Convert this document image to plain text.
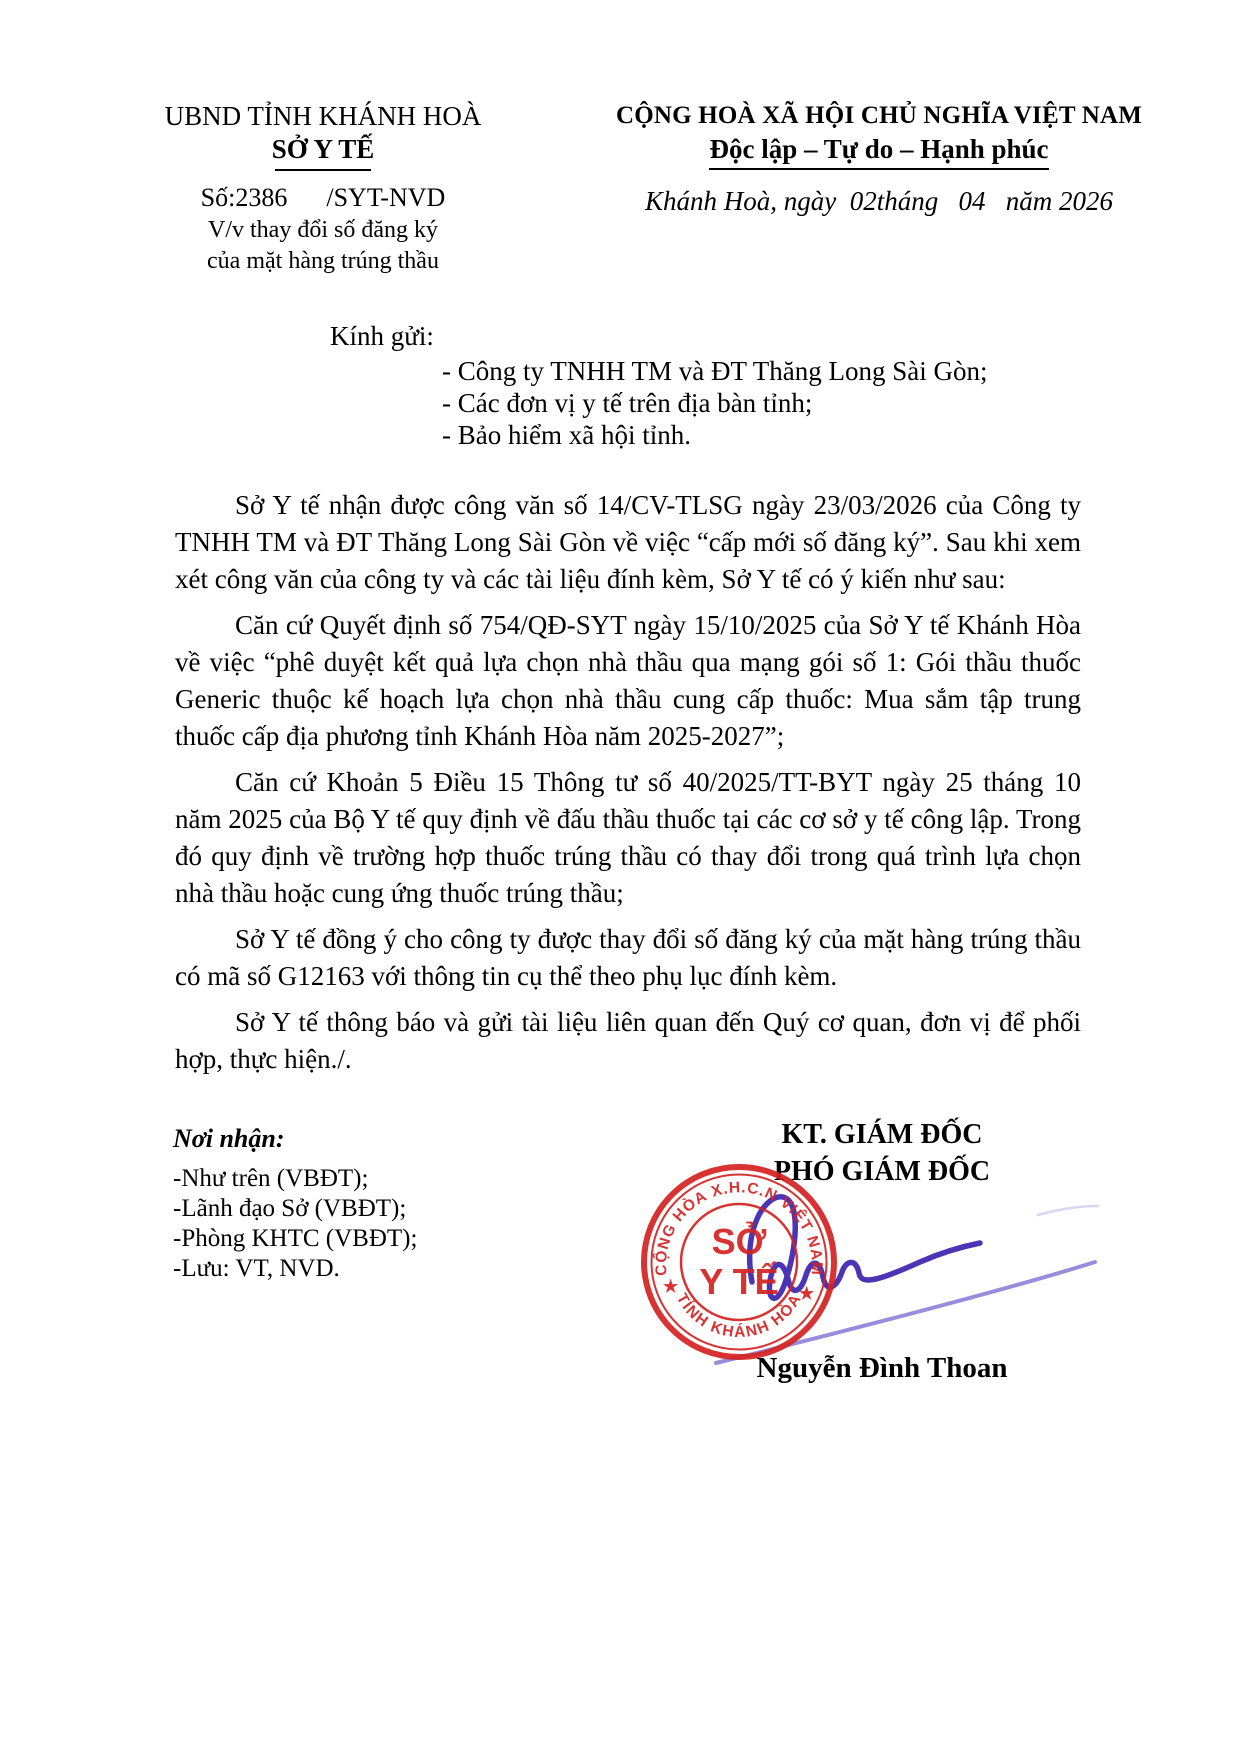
UBND TỈNH KHÁNH HOÀ
SỞ Y TẾ
Số:2386      /SYT-NVD
V/v thay đổi số đăng ký
của mặt hàng trúng thầu
CỘNG HOÀ XÃ HỘI CHỦ NGHĨA VIỆT NAM
Độc lập – Tự do – Hạnh phúc
Khánh Hoà, ngày  02tháng   04   năm 2026
Kính gửi:
- Công ty TNHH TM và ĐT Thăng Long Sài Gòn;
- Các đơn vị y tế trên địa bàn tỉnh;
- Bảo hiểm xã hội tỉnh.

Sở Y tế nhận được công văn số 14/CV-TLSG ngày 23/03/2026 của Công ty TNHH TM và ĐT Thăng Long Sài Gòn về việc “cấp mới số đăng ký”. Sau khi xem xét công văn của công ty và các tài liệu đính kèm, Sở Y tế có ý kiến như sau:

Căn cứ Quyết định số 754/QĐ-SYT ngày 15/10/2025 của Sở Y tế Khánh Hòa về việc “phê duyệt kết quả lựa chọn nhà thầu qua mạng gói số 1: Gói thầu thuốc Generic thuộc kế hoạch lựa chọn nhà thầu cung cấp thuốc: Mua sắm tập trung thuốc cấp địa phương tỉnh Khánh Hòa năm 2025-2027”;

Căn cứ Khoản 5 Điều 15 Thông tư số 40/2025/TT-BYT ngày 25 tháng 10 năm 2025 của Bộ Y tế quy định về đấu thầu thuốc tại các cơ sở y tế công lập. Trong đó quy định về trường hợp thuốc trúng thầu có thay đổi trong quá trình lựa chọn nhà thầu hoặc cung ứng thuốc trúng thầu;

Sở Y tế đồng ý cho công ty được thay đổi số đăng ký của mặt hàng trúng thầu có mã số G12163 với thông tin cụ thể theo phụ lục đính kèm.

Sở Y tế thông báo và gửi tài liệu liên quan đến Quý cơ quan, đơn vị để phối hợp, thực hiện./.

Nơi nhận:
-Như trên (VBĐT);
-Lãnh đạo Sở (VBĐT);
-Phòng KHTC (VBĐT);
-Lưu: VT, NVD.
KT. GIÁM ĐỐC
PHÓ GIÁM ĐỐC
CỘNG HÒA X.H.C.N VIỆT NAM
TỈNH KHÁNH HÒA
★	★
SỞ
Y TẾ
Nguyễn Đình Thoan
